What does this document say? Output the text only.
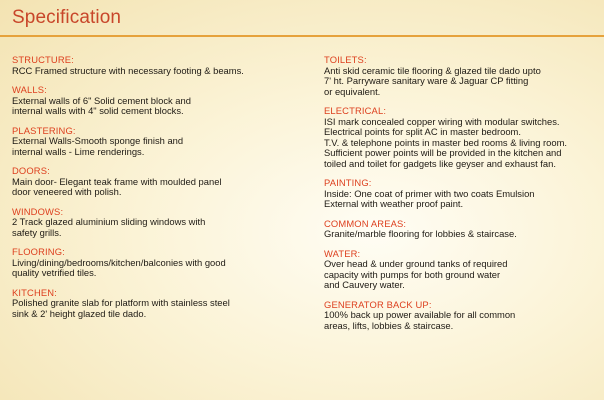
Specification
STRUCTURE:
RCC Framed structure with necessary footing & beams.
WALLS:
External walls of 6" Solid cement block and
internal walls with 4" solid cement blocks.
PLASTERING:
External Walls-Smooth sponge finish and
internal walls - Lime renderings.
DOORS:
Main door- Elegant teak frame with moulded panel
door veneered with polish.
WINDOWS:
2 Track glazed aluminium sliding windows with
safety grills.
FLOORING:
Living/dining/bedrooms/kitchen/balconies with good
quality vetrified tiles.
KITCHEN:
Polished granite slab for platform with stainless steel
sink & 2' height glazed tile dado.
TOILETS:
Anti skid ceramic tile flooring & glazed tile dado upto
7' ht. Parryware sanitary ware & Jaguar CP fitting
or equivalent.
ELECTRICAL:
ISI mark concealed copper wiring with modular switches.
Electrical points for split AC in master bedroom.
T.V. & telephone points in master bed rooms & living room.
Sufficient power points will be provided in the kitchen and
toiled and toilet for gadgets like geyser and exhaust fan.
PAINTING:
Inside: One coat of primer with two coats Emulsion
External with weather proof paint.
COMMON AREAS:
Granite/marble flooring for lobbies & staircase.
WATER:
Over head & under ground tanks of required
capacity with pumps for both ground water
and Cauvery water.
GENERATOR BACK UP:
100% back up power available for all common
areas, lifts, lobbies & staircase.
